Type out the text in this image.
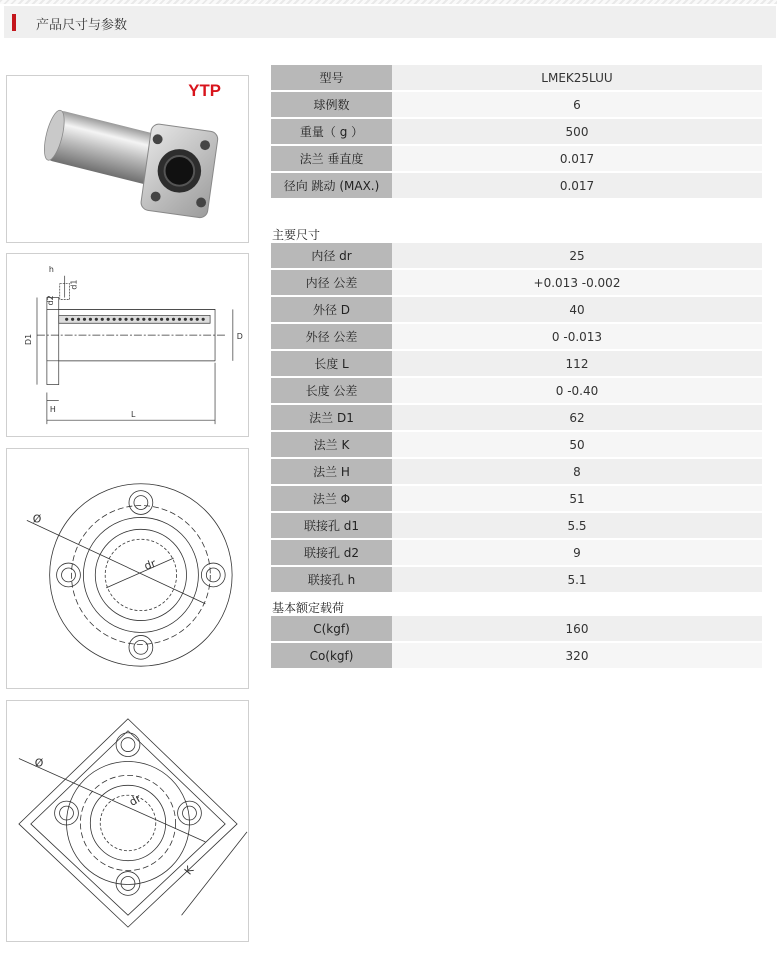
产品尺寸与参数
YTP
h
d1
d2
D1	D
H
L
Ø
dr
Ø
dr
K
型号	LMEK25LUU
球例数	6
重量（ g ）	500
法兰 垂直度	0.017
径向 跳动 (MAX.)	0.017
主要尺寸
内径 dr	25
内径 公差	+0.013 -0.002
外径 D	40
外径 公差	0 -0.013
长度 L	112
长度 公差	0 -0.40
法兰 D1	62
法兰 K	50
法兰 H	8
法兰 Φ	51
联接孔 d1	5.5
联接孔 d2	9
联接孔 h	5.1
基本额定载荷
C(kgf)	160
Co(kgf)	320
